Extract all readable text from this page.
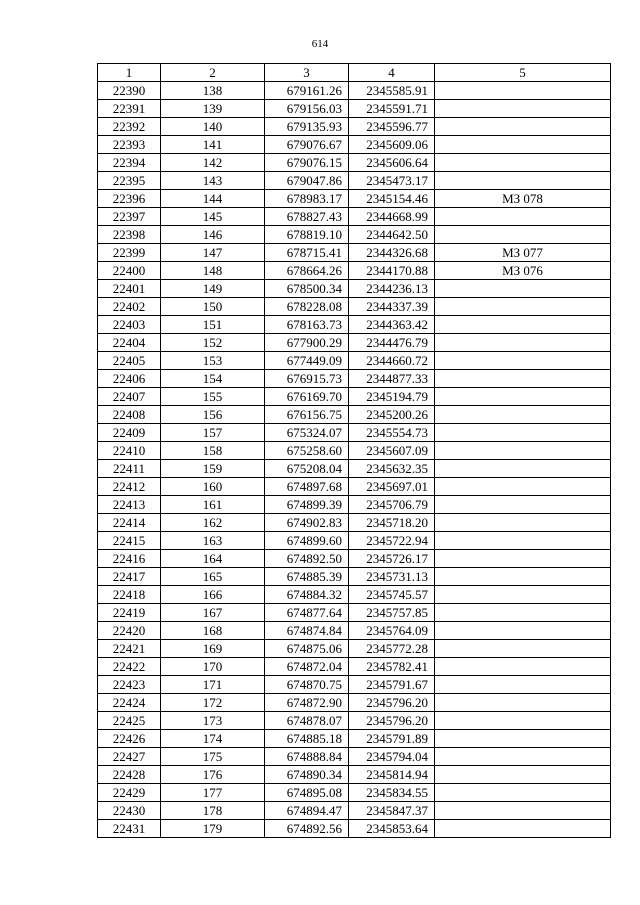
614
1	2	3	4	5
22390	138	679161.26	2345585.91	
22391	139	679156.03	2345591.71	
22392	140	679135.93	2345596.77	
22393	141	679076.67	2345609.06	
22394	142	679076.15	2345606.64	
22395	143	679047.86	2345473.17	
22396	144	678983.17	2345154.46	МЗ 078
22397	145	678827.43	2344668.99	
22398	146	678819.10	2344642.50	
22399	147	678715.41	2344326.68	МЗ 077
22400	148	678664.26	2344170.88	МЗ 076
22401	149	678500.34	2344236.13	
22402	150	678228.08	2344337.39	
22403	151	678163.73	2344363.42	
22404	152	677900.29	2344476.79	
22405	153	677449.09	2344660.72	
22406	154	676915.73	2344877.33	
22407	155	676169.70	2345194.79	
22408	156	676156.75	2345200.26	
22409	157	675324.07	2345554.73	
22410	158	675258.60	2345607.09	
22411	159	675208.04	2345632.35	
22412	160	674897.68	2345697.01	
22413	161	674899.39	2345706.79	
22414	162	674902.83	2345718.20	
22415	163	674899.60	2345722.94	
22416	164	674892.50	2345726.17	
22417	165	674885.39	2345731.13	
22418	166	674884.32	2345745.57	
22419	167	674877.64	2345757.85	
22420	168	674874.84	2345764.09	
22421	169	674875.06	2345772.28	
22422	170	674872.04	2345782.41	
22423	171	674870.75	2345791.67	
22424	172	674872.90	2345796.20	
22425	173	674878.07	2345796.20	
22426	174	674885.18	2345791.89	
22427	175	674888.84	2345794.04	
22428	176	674890.34	2345814.94	
22429	177	674895.08	2345834.55	
22430	178	674894.47	2345847.37	
22431	179	674892.56	2345853.64	
